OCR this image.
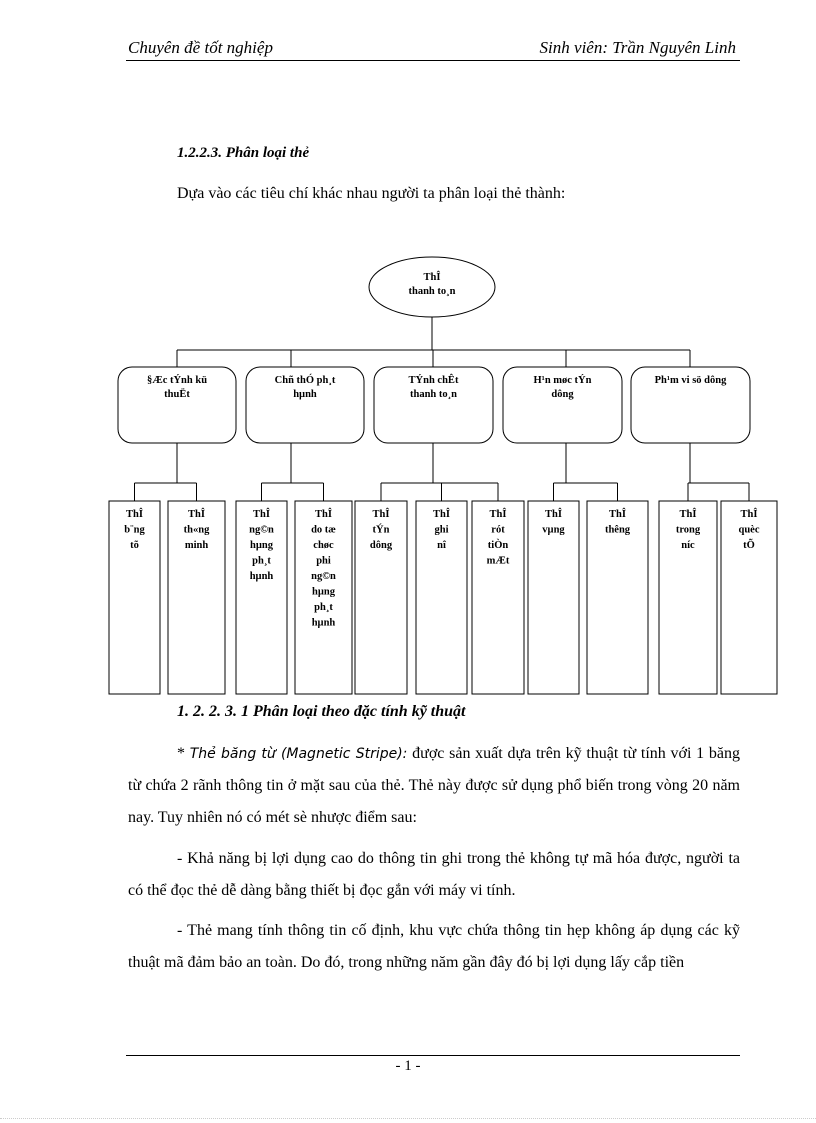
Chuyên đề tốt nghiệp	Sinh viên: Trần Nguyên Linh
1.2.2.3. Phân loại thẻ
Dựa vào các tiêu chí khác nhau người ta phân loại thẻ thành:
ThÎ
thanh to¸n
§Æc tÝnh kü
thuËt
ThÎ
b¨ng
tõ
ThÎ
th«ng
minh
Chñ thÓ ph¸t
hµnh
ThÎ
ng©n
hµng
ph¸t
hµnh
ThÎ
do tæ
chøc
phi
ng©n
hµng
ph¸t
hµnh
TÝnh chÊt
thanh to¸n
ThÎ
tÝn
dông
ThÎ
ghi
nî
ThÎ
rót
tiÒn
mÆt
H¹n møc tÝn
dông
ThÎ
vµng
ThÎ
thêng
Ph¹m vi sö dông
ThÎ
trong
níc
ThÎ
quèc
tÕ
1. 2. 2. 3. 1 Phân loại theo đặc tính kỹ thuật
* Thẻ băng từ (Magnetic Stripe): được sản xuất dựa trên kỹ thuật từ tính với 1 băng từ chứa 2 rãnh thông tin ở mặt sau của thẻ. Thẻ này được sử dụng phổ biến trong vòng 20 năm nay. Tuy nhiên nó có mét sè nhược điểm sau:
- Khả năng bị lợi dụng cao do thông tin ghi trong thẻ không tự mã hóa được, người ta có thể đọc thẻ dễ dàng bằng thiết bị đọc gắn với máy vi tính.
- Thẻ mang tính thông tin cố định, khu vực chứa thông tin hẹp không áp dụng các kỹ thuật mã đảm bảo an toàn. Do đó, trong những năm gần đây đó bị lợi dụng lấy cắp tiền
- 1 -
